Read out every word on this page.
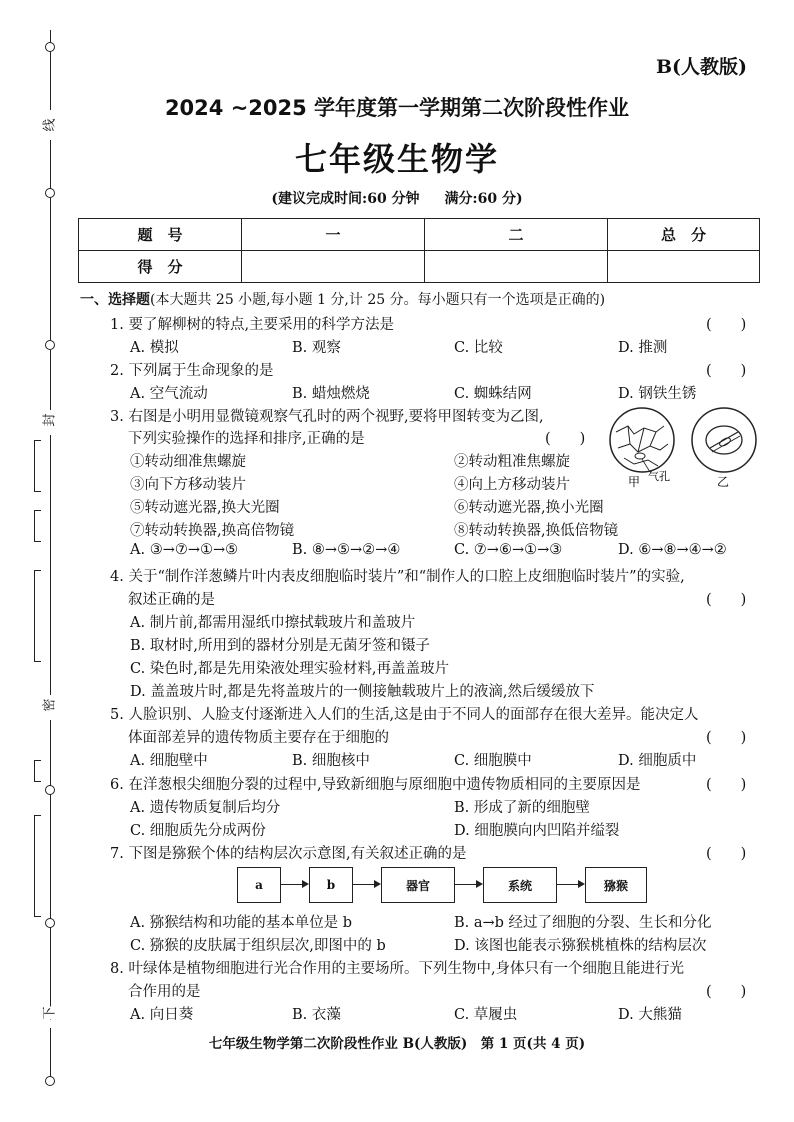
线
封
密
下
B(人教版)
2024 ~2025 学年度第一学期第二次阶段性作业
七年级生物学
(建议完成时间:60 分钟 满分:60 分)
题　号	一	二	总　分
得　分			
一、选择题(本大题共 25 小题,每小题 1 分,计 25 分。每小题只有一个选项是正确的)
1. 要了解柳树的特点,主要采用的科学方法是	(　　)
A. 模拟	B. 观察	C. 比较	D. 推测
2. 下列属于生命现象的是	(　　)
A. 空气流动	B. 蜡烛燃烧	C. 蜘蛛结网	D. 钢铁生锈
3. 右图是小明用显微镜观察气孔时的两个视野,要将甲图转变为乙图,
下列实验操作的选择和排序,正确的是	(　　)
①转动细准焦螺旋	②转动粗准焦螺旋
③向下方移动装片	④向上方移动装片
⑤转动遮光器,换大光圈	⑥转动遮光器,换小光圈
⑦转动转换器,换高倍物镜	⑧转动转换器,换低倍物镜
A. ③→⑦→①→⑤	B. ⑧→⑤→②→④	C. ⑦→⑥→①→③	D. ⑥→⑧→④→②
甲 气孔	乙
4. 关于“制作洋葱鳞片叶内表皮细胞临时装片”和“制作人的口腔上皮细胞临时装片”的实验,
叙述正确的是	(　　)
A. 制片前,都需用湿纸巾擦拭载玻片和盖玻片
B. 取材时,所用到的器材分别是无菌牙签和镊子
C. 染色时,都是先用染液处理实验材料,再盖盖玻片
D. 盖盖玻片时,都是先将盖玻片的一侧接触载玻片上的液滴,然后缓缓放下
5. 人脸识别、人脸支付逐渐进入人们的生活,这是由于不同人的面部存在很大差异。能决定人
体面部差异的遗传物质主要存在于细胞的	(　　)
A. 细胞壁中	B. 细胞核中	C. 细胞膜中	D. 细胞质中
6. 在洋葱根尖细胞分裂的过程中,导致新细胞与原细胞中遗传物质相同的主要原因是	(　　)
A. 遗传物质复制后均分	B. 形成了新的细胞壁
C. 细胞质先分成两份	D. 细胞膜向内凹陷并缢裂
7. 下图是猕猴个体的结构层次示意图,有关叙述正确的是	(　　)
a	b	器官	系统	猕猴
A. 猕猴结构和功能的基本单位是 b	B. a→b 经过了细胞的分裂、生长和分化
C. 猕猴的皮肤属于组织层次,即图中的 b	D. 该图也能表示猕猴桃植株的结构层次
8. 叶绿体是植物细胞进行光合作用的主要场所。下列生物中,身体只有一个细胞且能进行光
合作用的是	(　　)
A. 向日葵	B. 衣藻	C. 草履虫	D. 大熊猫
七年级生物学第二次阶段性作业 B(人教版)　第 1 页(共 4 页)
